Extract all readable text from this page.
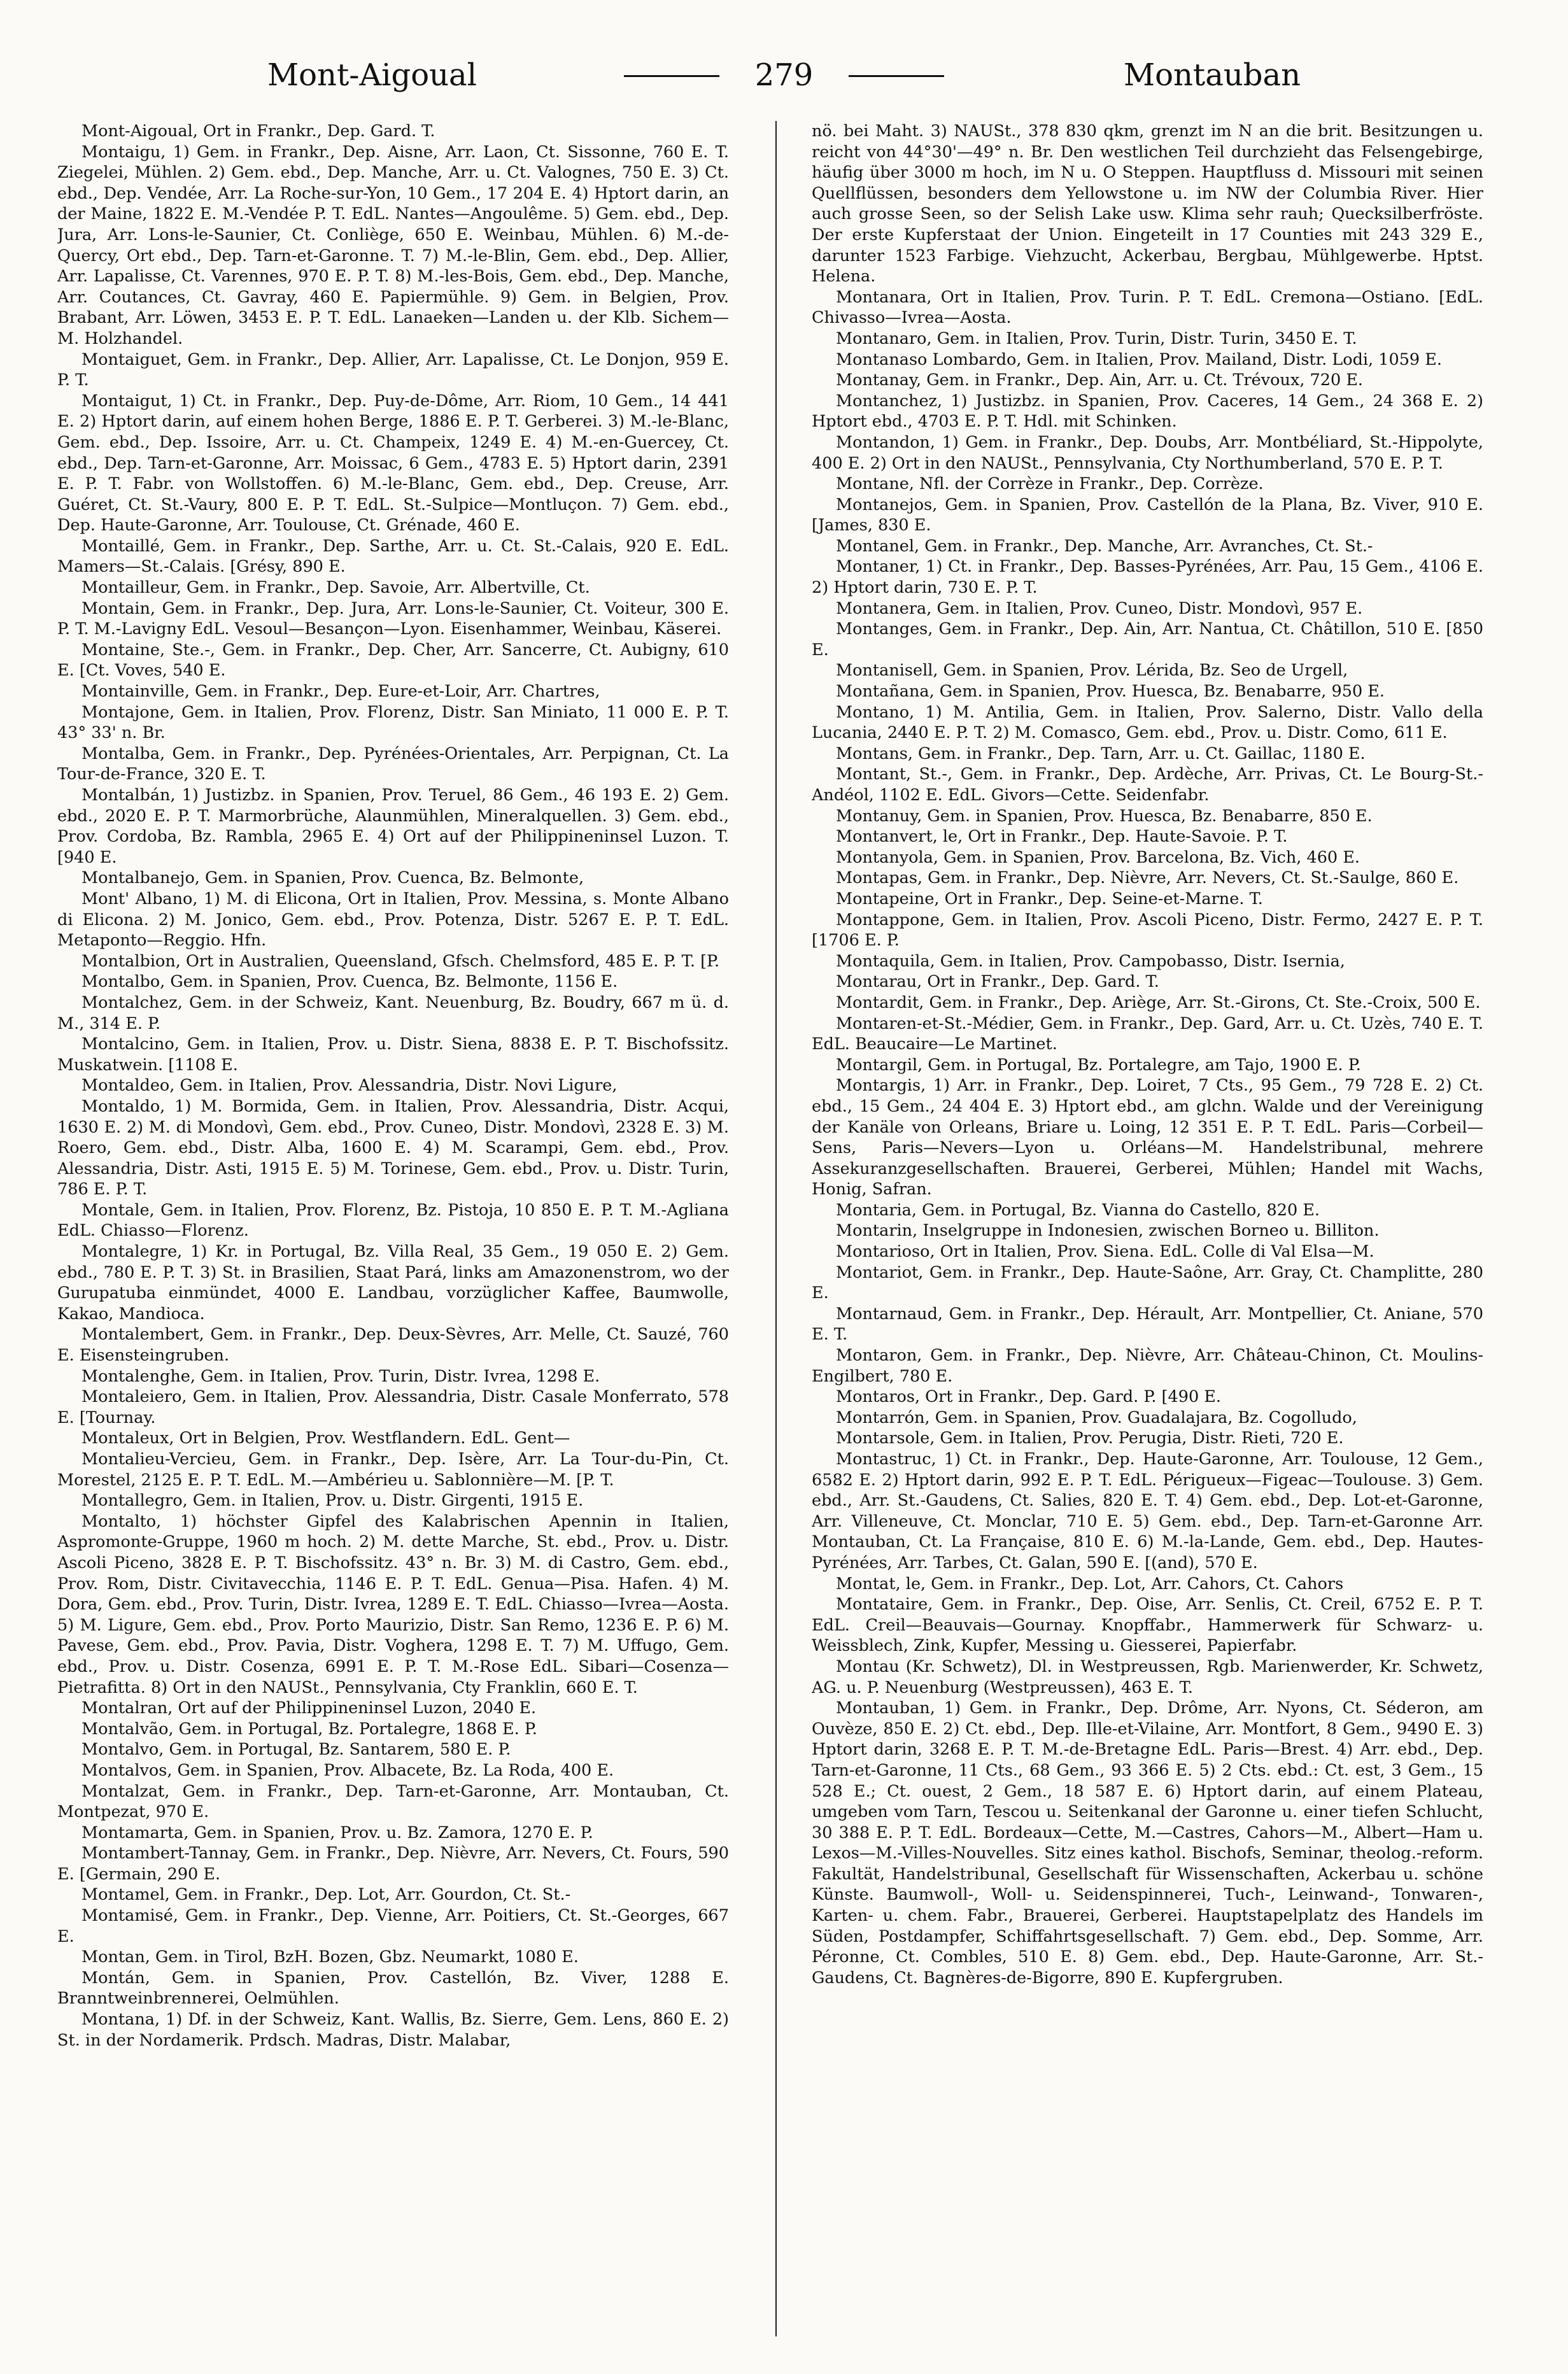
Mont-Aigoual	279	Montauban

Mont-Aigoual, Ort in Frankr., Dep. Gard. T.

Montaigu, 1) Gem. in Frankr., Dep. Aisne, Arr. Laon, Ct. Sissonne, 760 E. T. Ziegelei, Mühlen. 2) Gem. ebd., Dep. Manche, Arr. u. Ct. Valognes, 750 E. 3) Ct. ebd., Dep. Vendée, Arr. La Roche-sur-Yon, 10 Gem., 17 204 E. 4) Hptort darin, an der Maine, 1822 E. M.-Vendée P. T. EdL. Nantes—Angoulême. 5) Gem. ebd., Dep. Jura, Arr. Lons-le-Saunier, Ct. Conliège, 650 E. Weinbau, Mühlen. 6) M.-de-Quercy, Ort ebd., Dep. Tarn-et-Garonne. T. 7) M.-le-Blin, Gem. ebd., Dep. Allier, Arr. Lapalisse, Ct. Varennes, 970 E. P. T. 8) M.-les-Bois, Gem. ebd., Dep. Manche, Arr. Coutances, Ct. Gavray, 460 E. Papiermühle. 9) Gem. in Belgien, Prov. Brabant, Arr. Löwen, 3453 E. P. T. EdL. Lanaeken—Landen u. der Klb. Sichem—M. Holzhandel.

Montaiguet, Gem. in Frankr., Dep. Allier, Arr. Lapalisse, Ct. Le Donjon, 959 E. P. T.

Montaigut, 1) Ct. in Frankr., Dep. Puy-de-Dôme, Arr. Riom, 10 Gem., 14 441 E. 2) Hptort darin, auf einem hohen Berge, 1886 E. P. T. Gerberei. 3) M.-le-Blanc, Gem. ebd., Dep. Issoire, Arr. u. Ct. Champeix, 1249 E. 4) M.-en-Guercey, Ct. ebd., Dep. Tarn-et-Garonne, Arr. Moissac, 6 Gem., 4783 E. 5) Hptort darin, 2391 E. P. T. Fabr. von Wollstoffen. 6) M.-le-Blanc, Gem. ebd., Dep. Creuse, Arr. Guéret, Ct. St.-Vaury, 800 E. P. T. EdL. St.-Sulpice—Montluçon. 7) Gem. ebd., Dep. Haute-Garonne, Arr. Toulouse, Ct. Grénade, 460 E.

Montaillé, Gem. in Frankr., Dep. Sarthe, Arr. u. Ct. St.-Calais, 920 E. EdL. Mamers—St.-Calais. [Grésy, 890 E.

Montailleur, Gem. in Frankr., Dep. Savoie, Arr. Albertville, Ct.

Montain, Gem. in Frankr., Dep. Jura, Arr. Lons-le-Saunier, Ct. Voiteur, 300 E. P. T. M.-Lavigny EdL. Vesoul—Besançon—Lyon. Eisenhammer, Weinbau, Käserei.

Montaine, Ste.-, Gem. in Frankr., Dep. Cher, Arr. Sancerre, Ct. Aubigny, 610 E. [Ct. Voves, 540 E.

Montainville, Gem. in Frankr., Dep. Eure-et-Loir, Arr. Chartres,

Montajone, Gem. in Italien, Prov. Florenz, Distr. San Miniato, 11 000 E. P. T. 43° 33' n. Br.

Montalba, Gem. in Frankr., Dep. Pyrénées-Orientales, Arr. Perpignan, Ct. La Tour-de-France, 320 E. T.

Montalbán, 1) Justizbz. in Spanien, Prov. Teruel, 86 Gem., 46 193 E. 2) Gem. ebd., 2020 E. P. T. Marmorbrüche, Alaunmühlen, Mineralquellen. 3) Gem. ebd., Prov. Cordoba, Bz. Rambla, 2965 E. 4) Ort auf der Philippineninsel Luzon. T. [940 E.

Montalbanejo, Gem. in Spanien, Prov. Cuenca, Bz. Belmonte,

Mont' Albano, 1) M. di Elicona, Ort in Italien, Prov. Messina, s. Monte Albano di Elicona. 2) M. Jonico, Gem. ebd., Prov. Potenza, Distr. 5267 E. P. T. EdL. Metaponto—Reggio. Hfn.

Montalbion, Ort in Australien, Queensland, Gfsch. Chelmsford, 485 E. P. T. [P.

Montalbo, Gem. in Spanien, Prov. Cuenca, Bz. Belmonte, 1156 E.

Montalchez, Gem. in der Schweiz, Kant. Neuenburg, Bz. Boudry, 667 m ü. d. M., 314 E. P.

Montalcino, Gem. in Italien, Prov. u. Distr. Siena, 8838 E. P. T. Bischofssitz. Muskatwein. [1108 E.

Montaldeo, Gem. in Italien, Prov. Alessandria, Distr. Novi Ligure,

Montaldo, 1) M. Bormida, Gem. in Italien, Prov. Alessandria, Distr. Acqui, 1630 E. 2) M. di Mondovì, Gem. ebd., Prov. Cuneo, Distr. Mondovì, 2328 E. 3) M. Roero, Gem. ebd., Distr. Alba, 1600 E. 4) M. Scarampi, Gem. ebd., Prov. Alessandria, Distr. Asti, 1915 E. 5) M. Torinese, Gem. ebd., Prov. u. Distr. Turin, 786 E. P. T.

Montale, Gem. in Italien, Prov. Florenz, Bz. Pistoja, 10 850 E. P. T. M.-Agliana EdL. Chiasso—Florenz.

Montalegre, 1) Kr. in Portugal, Bz. Villa Real, 35 Gem., 19 050 E. 2) Gem. ebd., 780 E. P. T. 3) St. in Brasilien, Staat Pará, links am Amazonenstrom, wo der Gurupatuba einmündet, 4000 E. Landbau, vorzüglicher Kaffee, Baumwolle, Kakao, Mandioca.

Montalembert, Gem. in Frankr., Dep. Deux-Sèvres, Arr. Melle, Ct. Sauzé, 760 E. Eisensteingruben.

Montalenghe, Gem. in Italien, Prov. Turin, Distr. Ivrea, 1298 E.

Montaleiero, Gem. in Italien, Prov. Alessandria, Distr. Casale Monferrato, 578 E. [Tournay.

Montaleux, Ort in Belgien, Prov. Westflandern. EdL. Gent—

Montalieu-Vercieu, Gem. in Frankr., Dep. Isère, Arr. La Tour-du-Pin, Ct. Morestel, 2125 E. P. T. EdL. M.—Ambérieu u. Sablonnière—M. [P. T.

Montallegro, Gem. in Italien, Prov. u. Distr. Girgenti, 1915 E.

Montalto, 1) höchster Gipfel des Kalabrischen Apennin in Italien, Aspromonte-Gruppe, 1960 m hoch. 2) M. dette Marche, St. ebd., Prov. u. Distr. Ascoli Piceno, 3828 E. P. T. Bischofssitz. 43° n. Br. 3) M. di Castro, Gem. ebd., Prov. Rom, Distr. Civitavecchia, 1146 E. P. T. EdL. Genua—Pisa. Hafen. 4) M. Dora, Gem. ebd., Prov. Turin, Distr. Ivrea, 1289 E. T. EdL. Chiasso—Ivrea—Aosta. 5) M. Ligure, Gem. ebd., Prov. Porto Maurizio, Distr. San Remo, 1236 E. P. 6) M. Pavese, Gem. ebd., Prov. Pavia, Distr. Voghera, 1298 E. T. 7) M. Uffugo, Gem. ebd., Prov. u. Distr. Cosenza, 6991 E. P. T. M.-Rose EdL. Sibari—Cosenza—Pietrafitta. 8) Ort in den NAUSt., Pennsylvania, Cty Franklin, 660 E. T.

Montalran, Ort auf der Philippineninsel Luzon, 2040 E.

Montalvão, Gem. in Portugal, Bz. Portalegre, 1868 E. P.

Montalvo, Gem. in Portugal, Bz. Santarem, 580 E. P.

Montalvos, Gem. in Spanien, Prov. Albacete, Bz. La Roda, 400 E.

Montalzat, Gem. in Frankr., Dep. Tarn-et-Garonne, Arr. Montauban, Ct. Montpezat, 970 E.

Montamarta, Gem. in Spanien, Prov. u. Bz. Zamora, 1270 E. P.

Montambert-Tannay, Gem. in Frankr., Dep. Nièvre, Arr. Nevers, Ct. Fours, 590 E. [Germain, 290 E.

Montamel, Gem. in Frankr., Dep. Lot, Arr. Gourdon, Ct. St.-

Montamisé, Gem. in Frankr., Dep. Vienne, Arr. Poitiers, Ct. St.-Georges, 667 E.

Montan, Gem. in Tirol, BzH. Bozen, Gbz. Neumarkt, 1080 E.

Montán, Gem. in Spanien, Prov. Castellón, Bz. Viver, 1288 E. Branntweinbrennerei, Oelmühlen.

Montana, 1) Df. in der Schweiz, Kant. Wallis, Bz. Sierre, Gem. Lens, 860 E. 2) St. in der Nordamerik. Prdsch. Madras, Distr. Malabar,

nö. bei Maht. 3) NAUSt., 378 830 qkm, grenzt im N an die brit. Besitzungen u. reicht von 44°30'—49° n. Br. Den westlichen Teil durchzieht das Felsengebirge, häufig über 3000 m hoch, im N u. O Steppen. Hauptfluss d. Missouri mit seinen Quellflüssen, besonders dem Yellowstone u. im NW der Columbia River. Hier auch grosse Seen, so der Selish Lake usw. Klima sehr rauh; Quecksilberfröste. Der erste Kupferstaat der Union. Eingeteilt in 17 Counties mit 243 329 E., darunter 1523 Farbige. Viehzucht, Ackerbau, Bergbau, Mühlgewerbe. Hptst. Helena.

Montanara, Ort in Italien, Prov. Turin. P. T. EdL. Cremona—Ostiano. [EdL. Chivasso—Ivrea—Aosta.

Montanaro, Gem. in Italien, Prov. Turin, Distr. Turin, 3450 E. T.

Montanaso Lombardo, Gem. in Italien, Prov. Mailand, Distr. Lodi, 1059 E.

Montanay, Gem. in Frankr., Dep. Ain, Arr. u. Ct. Trévoux, 720 E.

Montanchez, 1) Justizbz. in Spanien, Prov. Caceres, 14 Gem., 24 368 E. 2) Hptort ebd., 4703 E. P. T. Hdl. mit Schinken.

Montandon, 1) Gem. in Frankr., Dep. Doubs, Arr. Montbéliard, St.-Hippolyte, 400 E. 2) Ort in den NAUSt., Pennsylvania, Cty Northumberland, 570 E. P. T.

Montane, Nfl. der Corrèze in Frankr., Dep. Corrèze.

Montanejos, Gem. in Spanien, Prov. Castellón de la Plana, Bz. Viver, 910 E. [James, 830 E.

Montanel, Gem. in Frankr., Dep. Manche, Arr. Avranches, Ct. St.-

Montaner, 1) Ct. in Frankr., Dep. Basses-Pyrénées, Arr. Pau, 15 Gem., 4106 E. 2) Hptort darin, 730 E. P. T.

Montanera, Gem. in Italien, Prov. Cuneo, Distr. Mondovì, 957 E.

Montanges, Gem. in Frankr., Dep. Ain, Arr. Nantua, Ct. Châtillon, 510 E. [850 E.

Montanisell, Gem. in Spanien, Prov. Lérida, Bz. Seo de Urgell,

Montañana, Gem. in Spanien, Prov. Huesca, Bz. Benabarre, 950 E.

Montano, 1) M. Antilia, Gem. in Italien, Prov. Salerno, Distr. Vallo della Lucania, 2440 E. P. T. 2) M. Comasco, Gem. ebd., Prov. u. Distr. Como, 611 E.

Montans, Gem. in Frankr., Dep. Tarn, Arr. u. Ct. Gaillac, 1180 E.

Montant, St.-, Gem. in Frankr., Dep. Ardèche, Arr. Privas, Ct. Le Bourg-St.-Andéol, 1102 E. EdL. Givors—Cette. Seidenfabr.

Montanuy, Gem. in Spanien, Prov. Huesca, Bz. Benabarre, 850 E.

Montanvert, le, Ort in Frankr., Dep. Haute-Savoie. P. T.

Montanyola, Gem. in Spanien, Prov. Barcelona, Bz. Vich, 460 E.

Montapas, Gem. in Frankr., Dep. Nièvre, Arr. Nevers, Ct. St.-Saulge, 860 E.

Montapeine, Ort in Frankr., Dep. Seine-et-Marne. T.

Montappone, Gem. in Italien, Prov. Ascoli Piceno, Distr. Fermo, 2427 E. P. T. [1706 E. P.

Montaquila, Gem. in Italien, Prov. Campobasso, Distr. Isernia,

Montarau, Ort in Frankr., Dep. Gard. T.

Montardit, Gem. in Frankr., Dep. Ariège, Arr. St.-Girons, Ct. Ste.-Croix, 500 E.

Montaren-et-St.-Médier, Gem. in Frankr., Dep. Gard, Arr. u. Ct. Uzès, 740 E. T. EdL. Beaucaire—Le Martinet.

Montargil, Gem. in Portugal, Bz. Portalegre, am Tajo, 1900 E. P.

Montargis, 1) Arr. in Frankr., Dep. Loiret, 7 Cts., 95 Gem., 79 728 E. 2) Ct. ebd., 15 Gem., 24 404 E. 3) Hptort ebd., am glchn. Walde und der Vereinigung der Kanäle von Orleans, Briare u. Loing, 12 351 E. P. T. EdL. Paris—Corbeil—Sens, Paris—Nevers—Lyon u. Orléans—M. Handelstribunal, mehrere Assekuranzgesellschaften. Brauerei, Gerberei, Mühlen; Handel mit Wachs, Honig, Safran.

Montaria, Gem. in Portugal, Bz. Vianna do Castello, 820 E.

Montarin, Inselgruppe in Indonesien, zwischen Borneo u. Billiton.

Montarioso, Ort in Italien, Prov. Siena. EdL. Colle di Val Elsa—M.

Montariot, Gem. in Frankr., Dep. Haute-Saône, Arr. Gray, Ct. Champlitte, 280 E.

Montarnaud, Gem. in Frankr., Dep. Hérault, Arr. Montpellier, Ct. Aniane, 570 E. T.

Montaron, Gem. in Frankr., Dep. Nièvre, Arr. Château-Chinon, Ct. Moulins-Engilbert, 780 E.

Montaros, Ort in Frankr., Dep. Gard. P. [490 E.

Montarrón, Gem. in Spanien, Prov. Guadalajara, Bz. Cogolludo,

Montarsole, Gem. in Italien, Prov. Perugia, Distr. Rieti, 720 E.

Montastruc, 1) Ct. in Frankr., Dep. Haute-Garonne, Arr. Toulouse, 12 Gem., 6582 E. 2) Hptort darin, 992 E. P. T. EdL. Périgueux—Figeac—Toulouse. 3) Gem. ebd., Arr. St.-Gaudens, Ct. Salies, 820 E. T. 4) Gem. ebd., Dep. Lot-et-Garonne, Arr. Villeneuve, Ct. Monclar, 710 E. 5) Gem. ebd., Dep. Tarn-et-Garonne Arr. Montauban, Ct. La Française, 810 E. 6) M.-la-Lande, Gem. ebd., Dep. Hautes-Pyrénées, Arr. Tarbes, Ct. Galan, 590 E. [(and), 570 E.

Montat, le, Gem. in Frankr., Dep. Lot, Arr. Cahors, Ct. Cahors

Montataire, Gem. in Frankr., Dep. Oise, Arr. Senlis, Ct. Creil, 6752 E. P. T. EdL. Creil—Beauvais—Gournay. Knopffabr., Hammerwerk für Schwarz- u. Weissblech, Zink, Kupfer, Messing u. Giesserei, Papierfabr.

Montau (Kr. Schwetz), Dl. in Westpreussen, Rgb. Marienwerder, Kr. Schwetz, AG. u. P. Neuenburg (Westpreussen), 463 E. T.

Montauban, 1) Gem. in Frankr., Dep. Drôme, Arr. Nyons, Ct. Séderon, am Ouvèze, 850 E. 2) Ct. ebd., Dep. Ille-et-Vilaine, Arr. Montfort, 8 Gem., 9490 E. 3) Hptort darin, 3268 E. P. T. M.-de-Bretagne EdL. Paris—Brest. 4) Arr. ebd., Dep. Tarn-et-Garonne, 11 Cts., 68 Gem., 93 366 E. 5) 2 Cts. ebd.: Ct. est, 3 Gem., 15 528 E.; Ct. ouest, 2 Gem., 18 587 E. 6) Hptort darin, auf einem Plateau, umgeben vom Tarn, Tescou u. Seitenkanal der Garonne u. einer tiefen Schlucht, 30 388 E. P. T. EdL. Bordeaux—Cette, M.—Castres, Cahors—M., Albert—Ham u. Lexos—M.-Villes-Nouvelles. Sitz eines kathol. Bischofs, Seminar, theolog.-reform. Fakultät, Handelstribunal, Gesellschaft für Wissenschaften, Ackerbau u. schöne Künste. Baumwoll-, Woll- u. Seidenspinnerei, Tuch-, Leinwand-, Tonwaren-, Karten- u. chem. Fabr., Brauerei, Gerberei. Hauptstapelplatz des Handels im Süden, Postdampfer, Schiffahrtsgesellschaft. 7) Gem. ebd., Dep. Somme, Arr. Péronne, Ct. Combles, 510 E. 8) Gem. ebd., Dep. Haute-Garonne, Arr. St.-Gaudens, Ct. Bagnères-de-Bigorre, 890 E. Kupfergruben.
